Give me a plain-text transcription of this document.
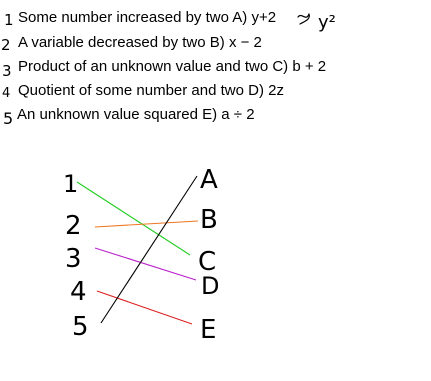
Some number increased by two A) y+2
A variable decreased by two B) x − 2
Product of an unknown value and two C) b + 2
Quotient of some number and two D) 2z
An unknown value squared E) a ÷ 2
1
2
3
4
5
y²
1
2
3
4
5
A
B
C
D
E
